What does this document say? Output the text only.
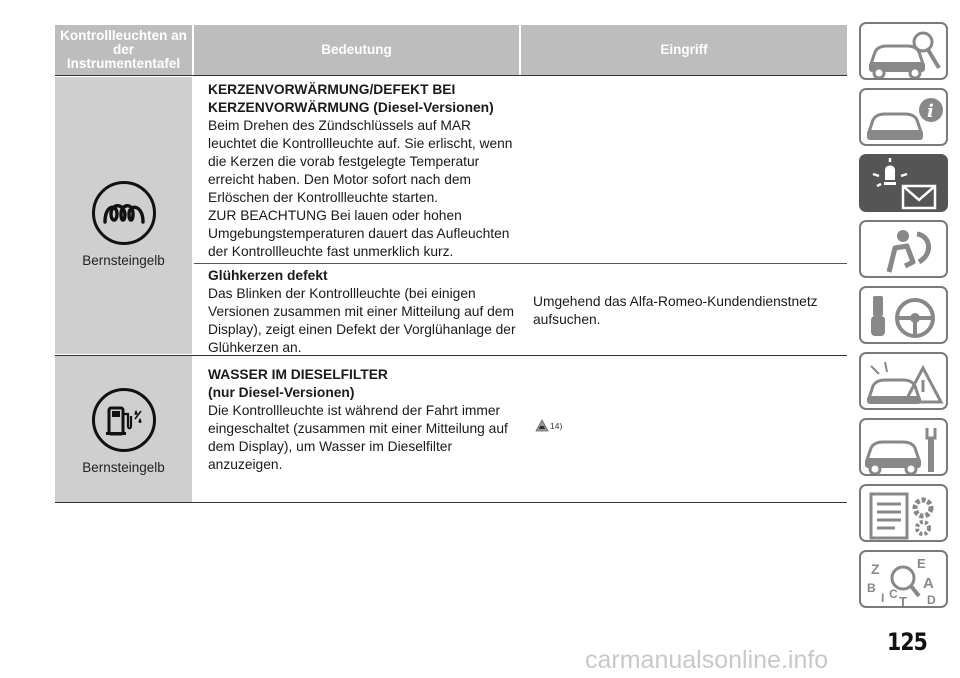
Kontrollleuchten an
der
Instrumententafel
Bedeutung	Eingriff
Bernsteingelb
KERZENVORWÄRMUNG/DEFEKT BEI
KERZENVORWÄRMUNG (Diesel-Versionen)
Beim Drehen des Zündschlüssels auf MAR
leuchtet die Kontrollleuchte auf. Sie erlischt, wenn
die Kerzen die vorab festgelegte Temperatur
erreicht haben. Den Motor sofort nach dem
Erlöschen der Kontrollleuchte starten.
ZUR BEACHTUNG Bei lauen oder hohen
Umgebungstemperaturen dauert das Aufleuchten
der Kontrollleuchte fast unmerklich kurz.
Glühkerzen defekt
Das Blinken der Kontrollleuchte (bei einigen
Versionen zusammen mit einer Mitteilung auf dem
Display), zeigt einen Defekt der Vorglühanlage der
Glühkerzen an.
Umgehend das Alfa-Romeo-Kundendienstnetz
aufsuchen.
Bernsteingelb
WASSER IM DIESELFILTER
(nur Diesel-Versionen)
Die Kontrollleuchte ist während der Fahrt immer
eingeschaltet (zusammen mit einer Mitteilung auf
dem Display), um Wasser im Dieselfilter
anzuzeigen.
14)
i
Z
B
I C T
E
A
D
125
carmanualsonline.info
